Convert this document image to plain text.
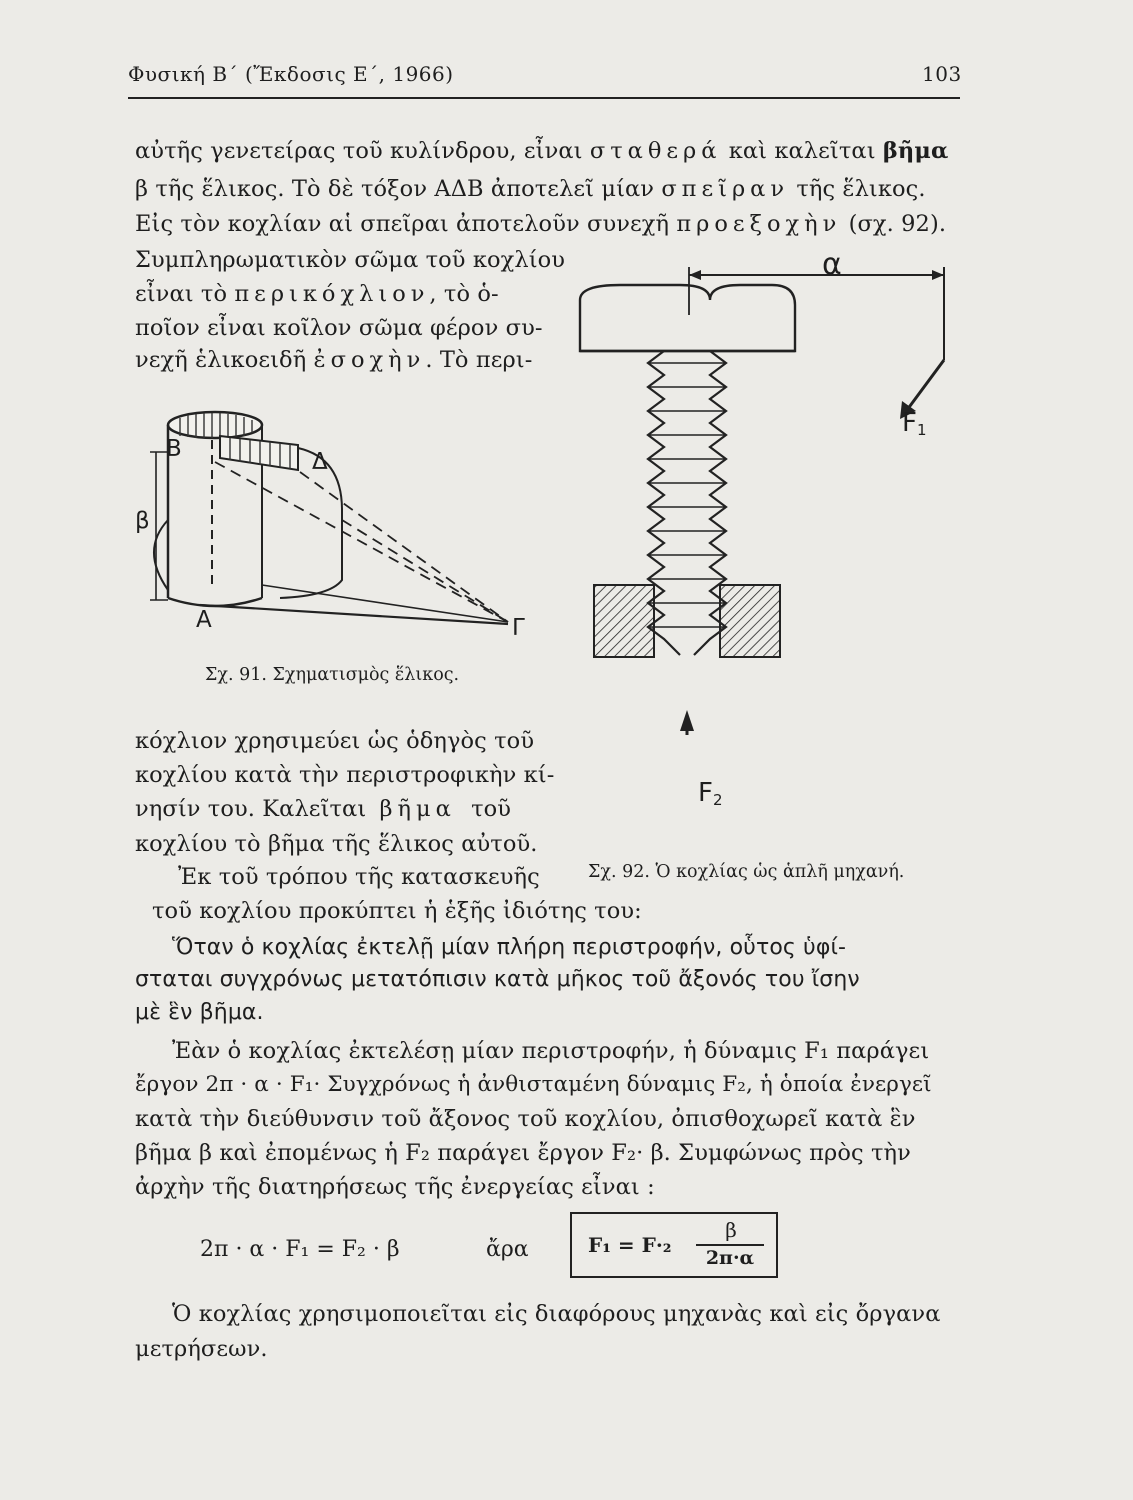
Φυσική Β΄ (Ἔκδοσις Ε΄, 1966)	103
αὐτῆς γενετείρας τοῦ κυλίνδρου, εἶναι σταθερά καὶ καλεῖται βῆμα
β τῆς ἕλικος. Τὸ δὲ τόξον ΑΔΒ ἀποτελεῖ μίαν σπεῖραν τῆς ἕλικος.
Εἰς τὸν κοχλίαν αἱ σπεῖραι ἀποτελοῦν συνεχῆ προεξοχὴν (σχ. 92).
Συμπληρωματικὸν σῶμα τοῦ κοχλίου
εἶναι τὸ περικόχλιον, τὸ ὁ-
ποῖον εἶναι κοῖλον σῶμα φέρον συ-
νεχῆ ἑλικοειδῆ ἐσοχὴν. Τὸ περι-
Β	Δ
β
Α	Γ
Σχ. 91. Σχηματισμὸς ἕλικος.
α
$F_1$
$F_2$
Σχ. 92. Ὁ κοχλίας ὡς ἁπλῆ μηχανή.
κόχλιον χρησιμεύει ὡς ὁδηγὸς τοῦ
κοχλίου κατὰ τὴν περιστροφικὴν κί-
νησίν του. Καλεῖται βῆμα τοῦ
κοχλίου τὸ βῆμα τῆς ἕλικος αὐτοῦ.
Ἐκ τοῦ τρόπου τῆς κατασκευῆς
τοῦ κοχλίου προκύπτει ἡ ἑξῆς ἰδιότης του:
Ὅταν ὁ κοχλίας ἐκτελῇ μίαν πλήρη περιστροφήν, οὗτος ὑφί-
σταται συγχρόνως μετατόπισιν κατὰ μῆκος τοῦ ἄξονός του ἴσην
μὲ ἓν βῆμα.
Ἐὰν ὁ κοχλίας ἐκτελέσῃ μίαν περιστροφήν, ἡ δύναμις F₁ παράγει
ἔργον 2π · α · F₁· Συγχρόνως ἡ ἀνθισταμένη δύναμις F₂, ἡ ὁποία ἐνεργεῖ
κατὰ τὴν διεύθυνσιν τοῦ ἄξονος τοῦ κοχλίου, ὀπισθοχωρεῖ κατὰ ἓν
βῆμα β καὶ ἐπομένως ἡ F₂ παράγει ἔργον F₂· β. Συμφώνως πρὸς τὴν
ἀρχὴν τῆς διατηρήσεως τῆς ἐνεργείας εἶναι :
2π · α · F₁ = F₂ · β	ἄρα	F₁ = F·₂
β
2π·α
Ὁ κοχλίας χρησιμοποιεῖται εἰς διαφόρους μηχανὰς καὶ εἰς ὄργανα
μετρήσεων.
